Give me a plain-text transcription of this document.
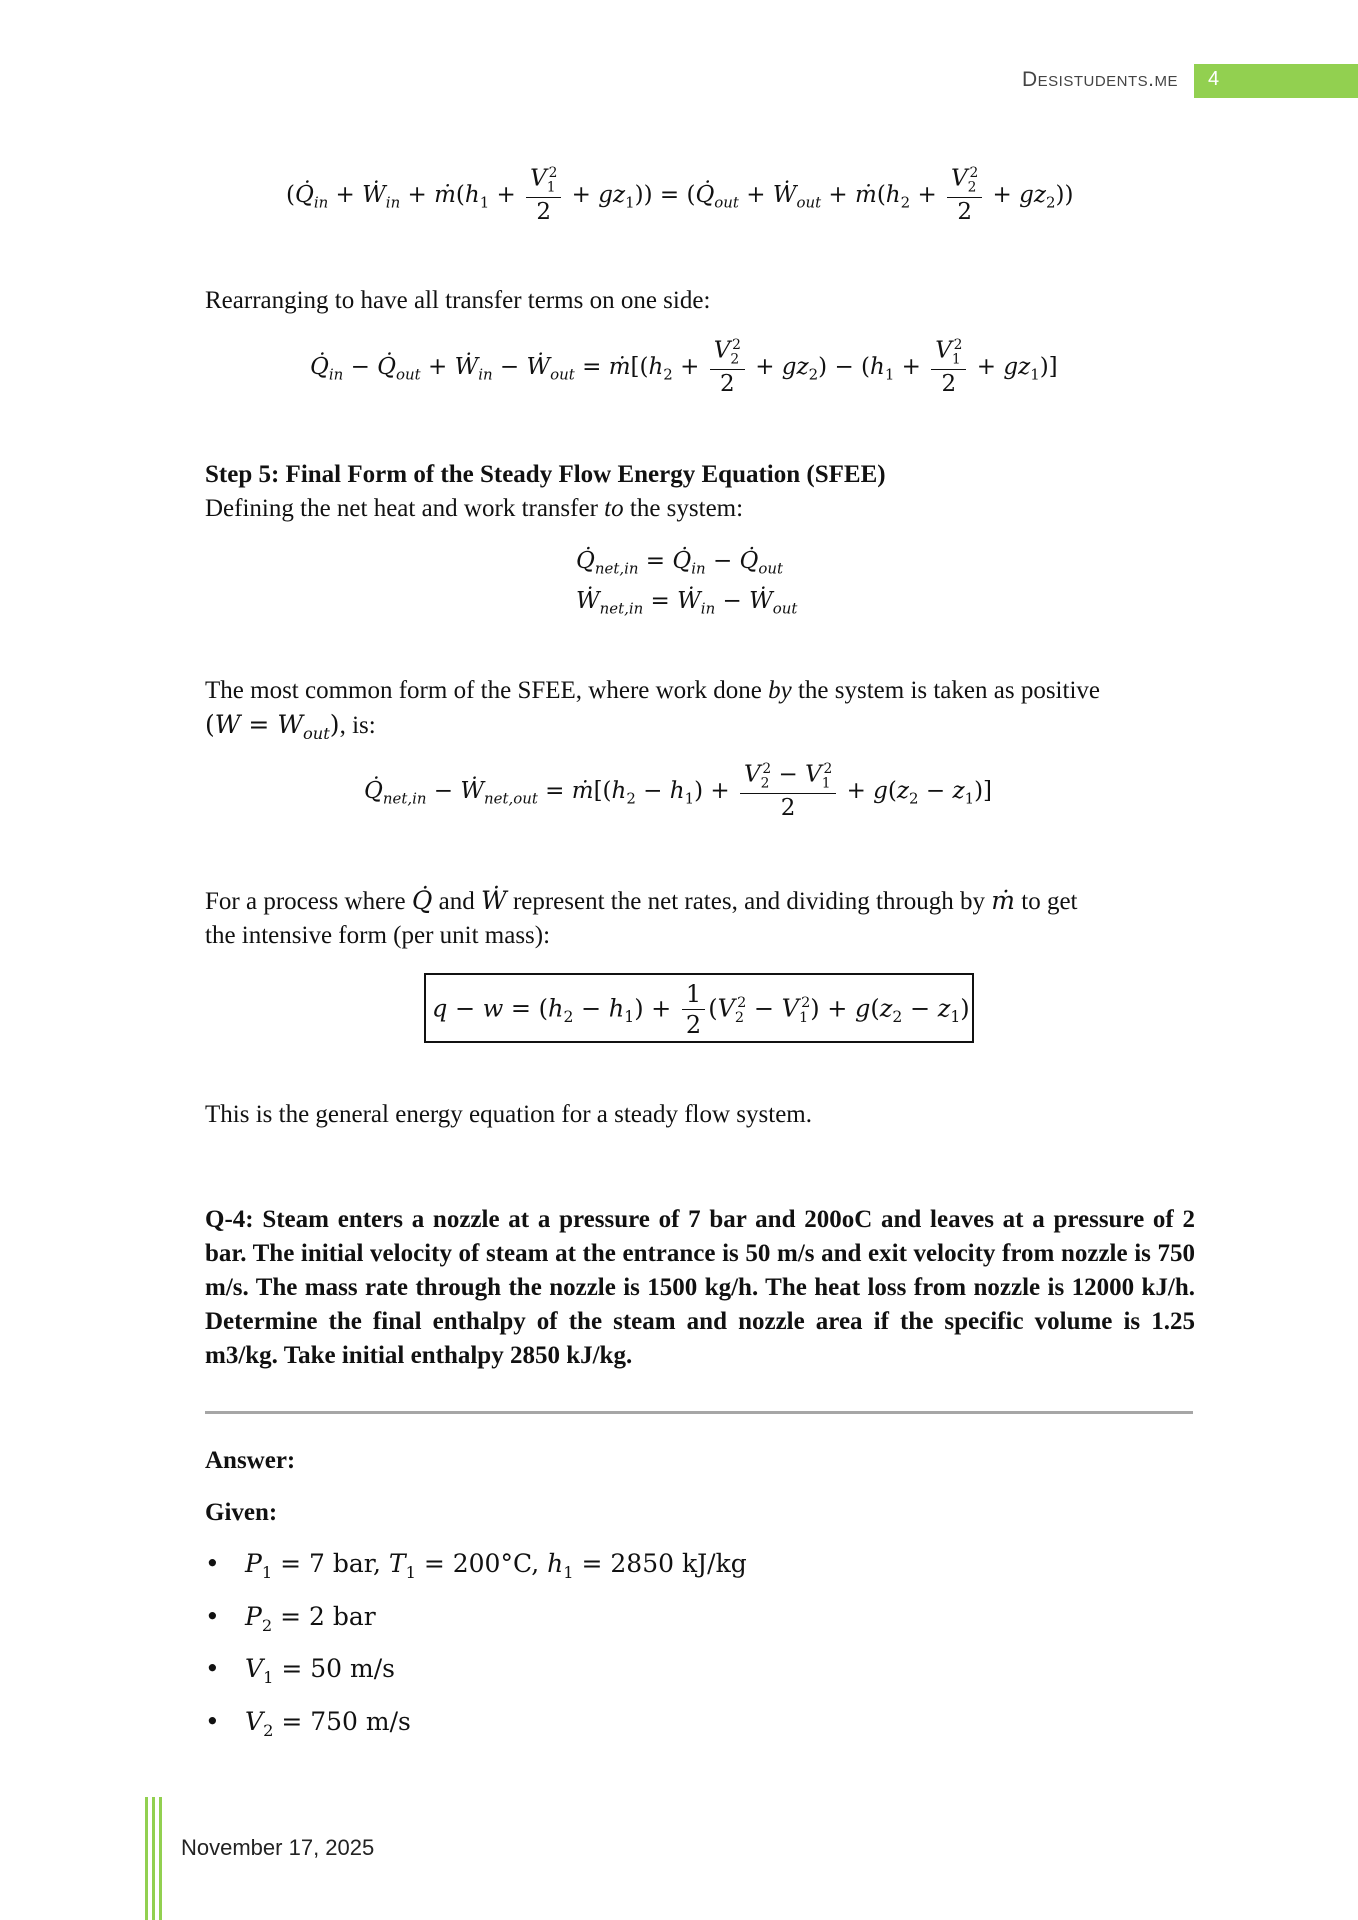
Desistudents.me	4
($Q̇_{in}$ + Ẇ$_{in}$ + $ṁ(h_1 + \frac{V_1^2}{2} + gz_1)$) = ($Q̇_{out}$ + Ẇ$_{out}$ + $ṁ(h_2 + \frac{V_2^2}{2} + gz_2)$)
Rearranging to have all transfer terms on one side:
$Q̇_{in}$ − $Q̇_{out}$ + Ẇ$_{in}$ − Ẇ$_{out}$ = $ṁ[(h_2 + \frac{V_2^2}{2} + gz_2) - (h_1 + \frac{V_1^2}{2} + gz_1)]$
Step 5: Final Form of the Steady Flow Energy Equation (SFEE)
Defining the net heat and work transfer to the system:
$Q̇_{net,in}$ = $Q̇_{in}$ − $Q̇_{out}$
Ẇ$_{net,in}$ = Ẇ$_{in}$ − Ẇ$_{out}$
The most common form of the SFEE, where work done by the system is taken as positive
$(W = W_{out})$, is:
$Q̇_{net,in}$ − Ẇ$_{net,out}$ = $ṁ[(h_2 - h_1) + \frac{V_2^2 - V_1^2}{2} + g(z_2 - z_1)]$
For a process where Q̇ and Ẇ represent the net rates, and dividing through by ṁ to get
the intensive form (per unit mass):
$q - w = (h_2 - h_1) + \frac{1}{2} (V_2^2 - V_1^2) + g(z_2 - z_1)$
This is the general energy equation for a steady flow system.
Q-4: Steam enters a nozzle at a pressure of 7 bar and 200oC and leaves at a pressure of 2 bar. The initial velocity of steam at the entrance is 50 m/s and exit velocity from nozzle is 750 m/s. The mass rate through the nozzle is 1500 kg/h. The heat loss from nozzle is 12000 kJ/h. Determine the final enthalpy of the steam and nozzle area if the specific volume is 1.25 m3/kg. Take initial enthalpy 2850 kJ/kg.
Answer:
Given:
• $P_1 = 7$ bar, $T_1 = 200^\circ C$, $h_1 = 2850$ kJ/kg
• $P_2 = 2$ bar
• $V_1 = 50$ m/s
• $V_2 = 750$ m/s
November 17, 2025
